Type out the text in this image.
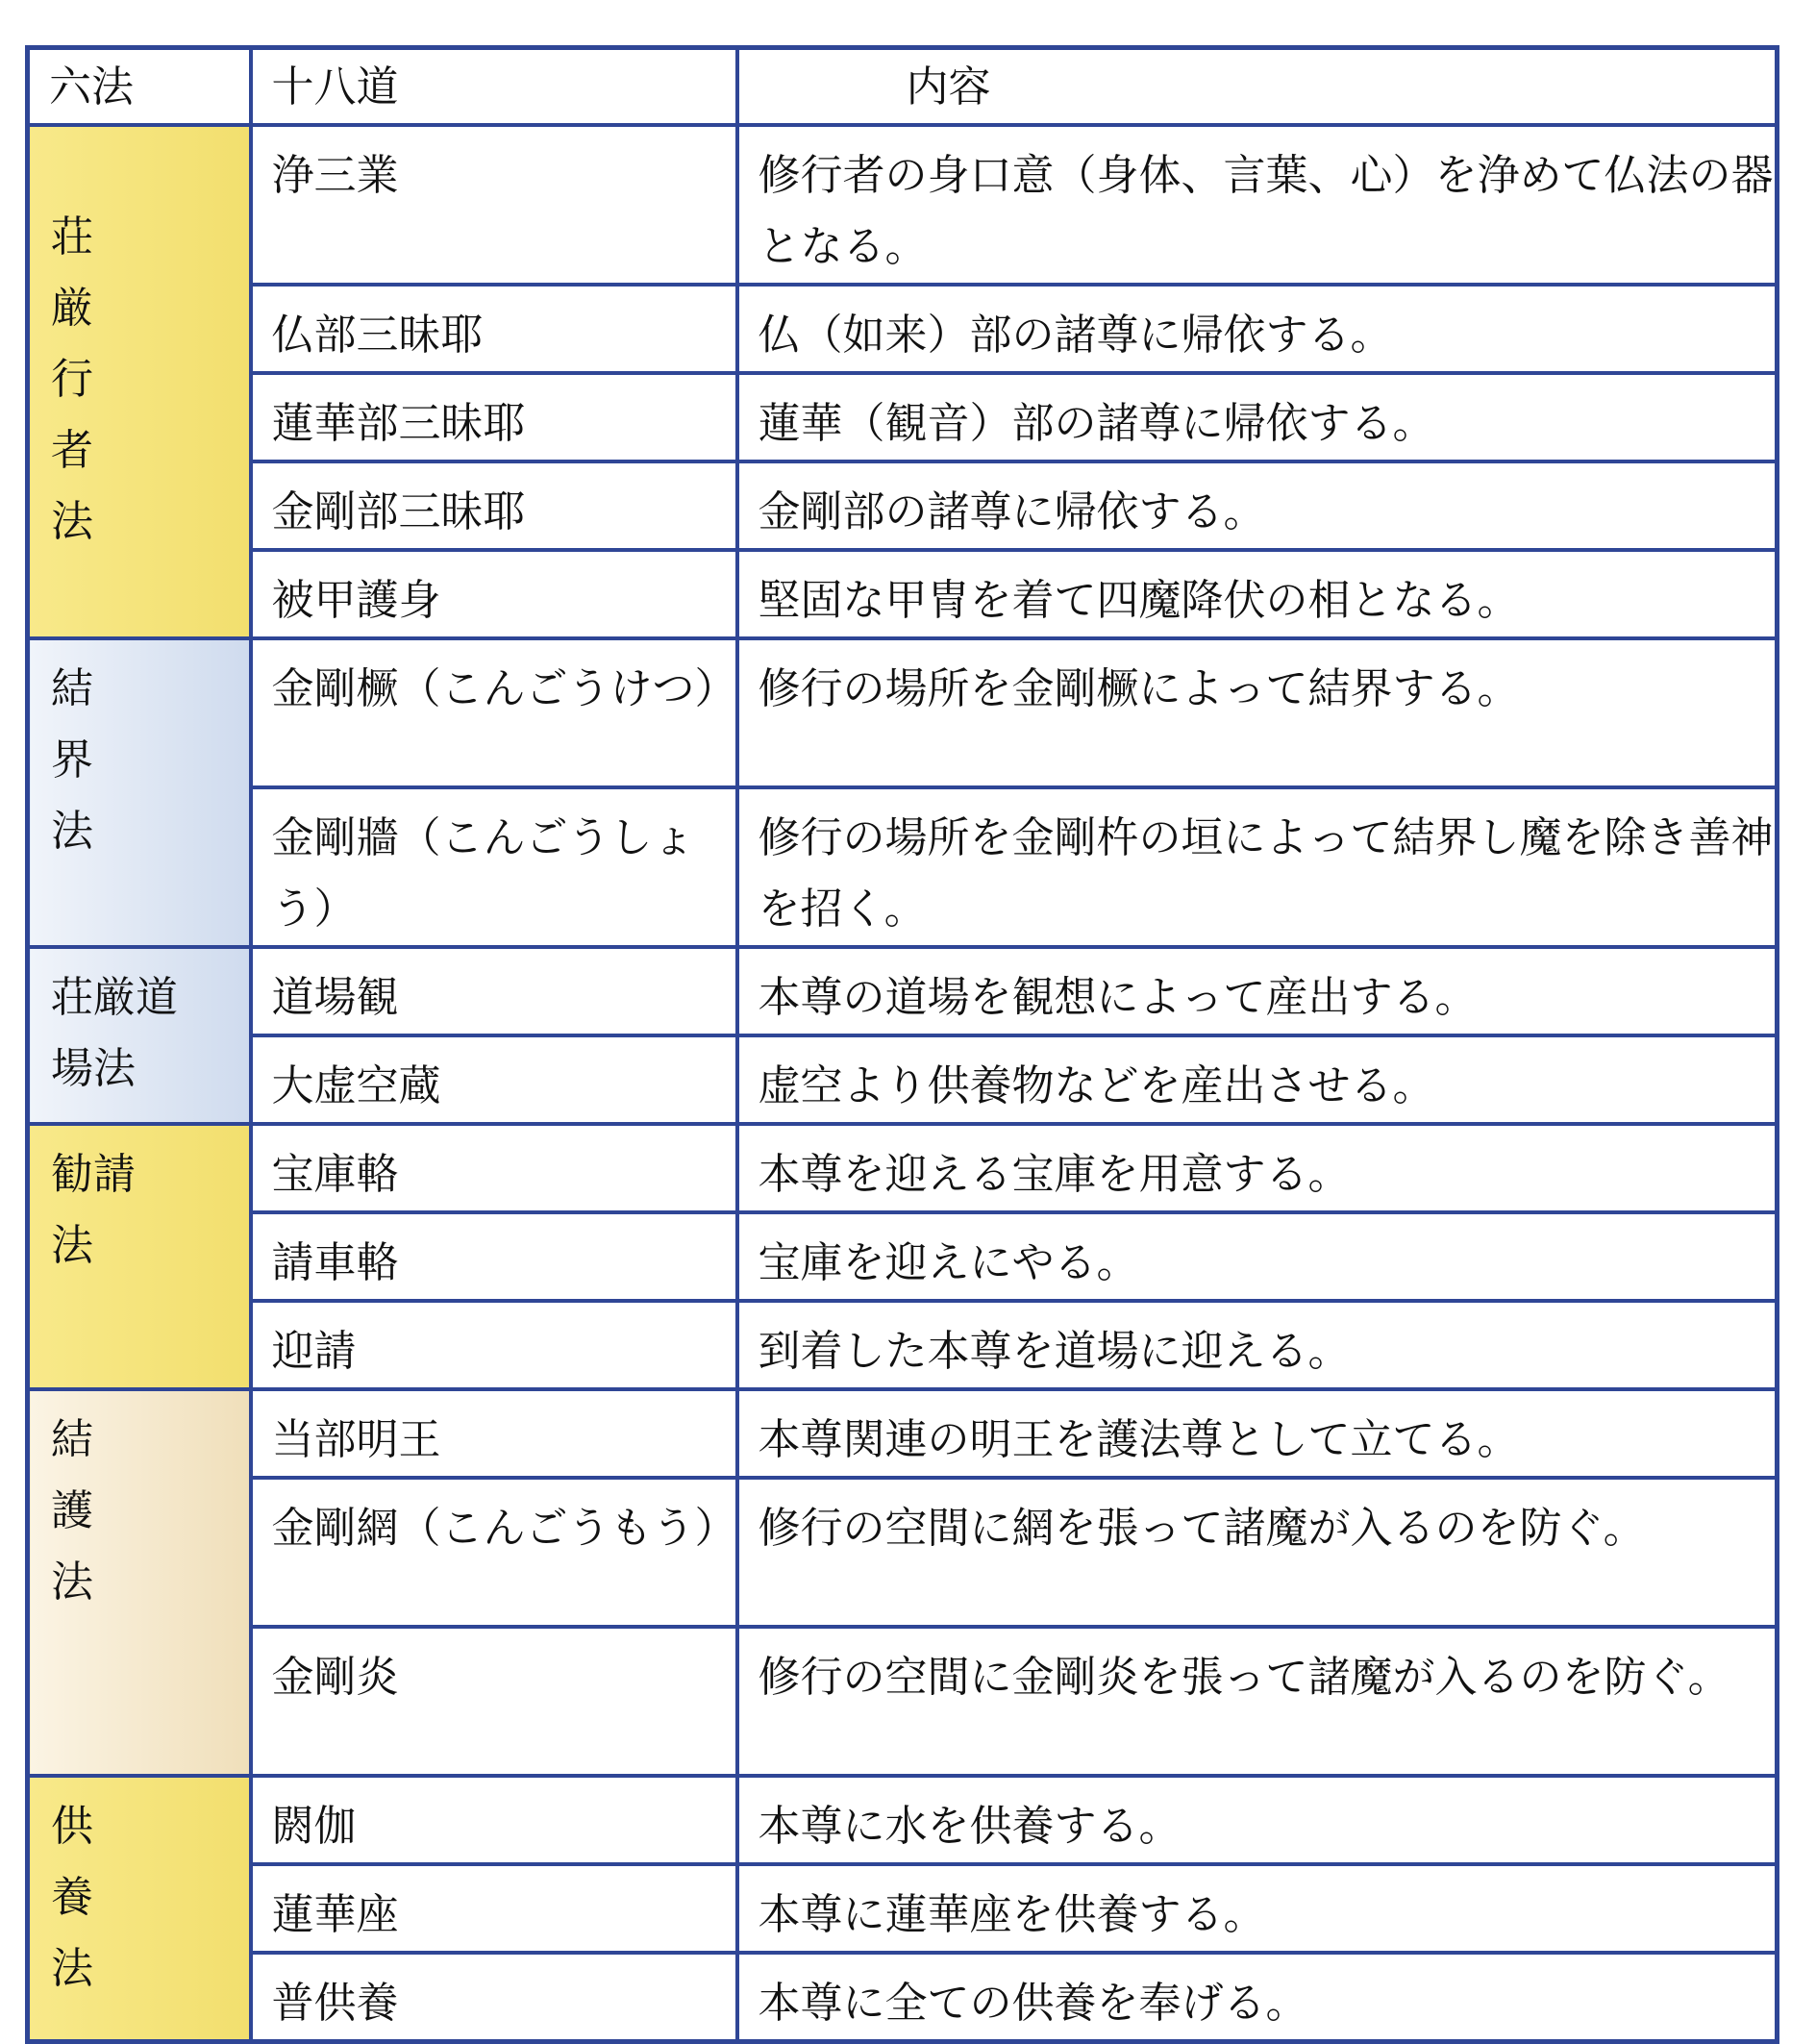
六法	十八道	内容

荘厳行者法	浄三業	修行者の身口意（身体、言葉、心）を浄めて仏法の器となる。
	仏部三昧耶	仏（如来）部の諸尊に帰依する。
	蓮華部三昧耶	蓮華（観音）部の諸尊に帰依する。
	金剛部三昧耶	金剛部の諸尊に帰依する。
	被甲護身	堅固な甲冑を着て四魔降伏の相となる。

結界法	金剛橛（こんごうけつ）	修行の場所を金剛橛によって結界する。
	金剛牆（こんごうしょう）	修行の場所を金剛杵の垣によって結界し魔を除き善神を招く。

荘厳道場法	道場観	本尊の道場を観想によって産出する。
	大虚空蔵	虚空より供養物などを産出させる。

勧請法	宝庫輅	本尊を迎える宝庫を用意する。
	請車輅	宝庫を迎えにやる。
	迎請	到着した本尊を道場に迎える。

結護法	当部明王	本尊関連の明王を護法尊として立てる。
	金剛網（こんごうもう）	修行の空間に網を張って諸魔が入るのを防ぐ。
	金剛炎	修行の空間に金剛炎を張って諸魔が入るのを防ぐ。

供養法	閼伽	本尊に水を供養する。
	蓮華座	本尊に蓮華座を供養する。
	普供養	本尊に全ての供養を奉げる。
